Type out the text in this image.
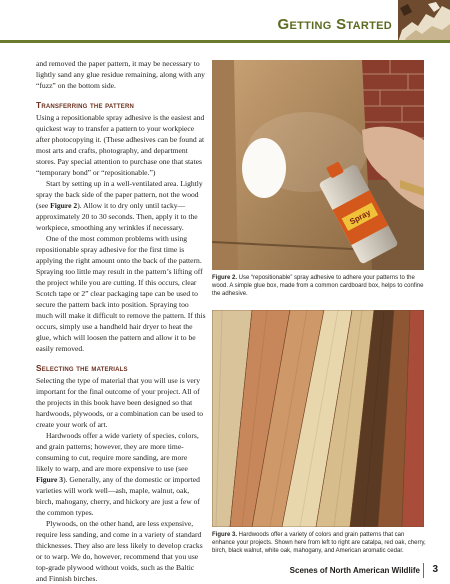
Getting Started

and removed the paper pattern, it may be necessary to lightly sand any glue residue remaining, along with any “fuzz” on the bottom side.

Transferring the pattern

Using a repositionable spray adhesive is the easiest and quickest way to transfer a pattern to your workpiece after photocopying it. (These adhesives can be found at most arts and crafts, photography, and department stores. Pay special attention to purchase one that states “temporary bond” or “repositionable.”)

Start by setting up in a well-ventilated area. Lightly spray the back side of the paper pattern, not the wood (see Figure 2). Allow it to dry only until tacky—approximately 20 to 30 seconds. Then, apply it to the workpiece, smoothing any wrinkles if necessary.

One of the most common problems with using repositionable spray adhesive for the first time is applying the right amount onto the back of the pattern. Spraying too little may result in the pattern’s lifting off the project while you are cutting. If this occurs, clear Scotch tape or 2” clear packaging tape can be used to secure the pattern back into position. Spraying too much will make it difficult to remove the pattern. If this occurs, simply use a handheld hair dryer to heat the glue, which will loosen the pattern and allow it to be easily removed.

Selecting the materials

Selecting the type of material that you will use is very important for the final outcome of your project. All of the projects in this book have been designed so that hardwoods, plywoods, or a combination can be used to create your work of art.

Hardwoods offer a wide variety of species, colors, and grain patterns; however, they are more time-consuming to cut, require more sanding, are more likely to warp, and are more expensive to use (see Figure 3). Generally, any of the domestic or imported varieties will work well—ash, maple, walnut, oak, birch, mahogany, cherry, and hickory are just a few of the common types.

Plywoods, on the other hand, are less expensive, require less sanding, and come in a variety of standard thicknesses. They also are less likely to develop cracks or to warp. We do, however, recommend that you use top-grade plywood without voids, such as the Baltic and Finnish birches.

Spray
Figure 2. Use “repositionable” spray adhesive to adhere your patterns to the wood. A simple glue box, made from a common cardboard box, helps to confine the adhesive.
Figure 3. Hardwoods offer a variety of colors and grain patterns that can enhance your projects. Shown here from left to right are catalpa, red oak, cherry, birch, black walnut, white oak, mahogany, and American aromatic cedar.
Scenes of North American Wildlife 3
